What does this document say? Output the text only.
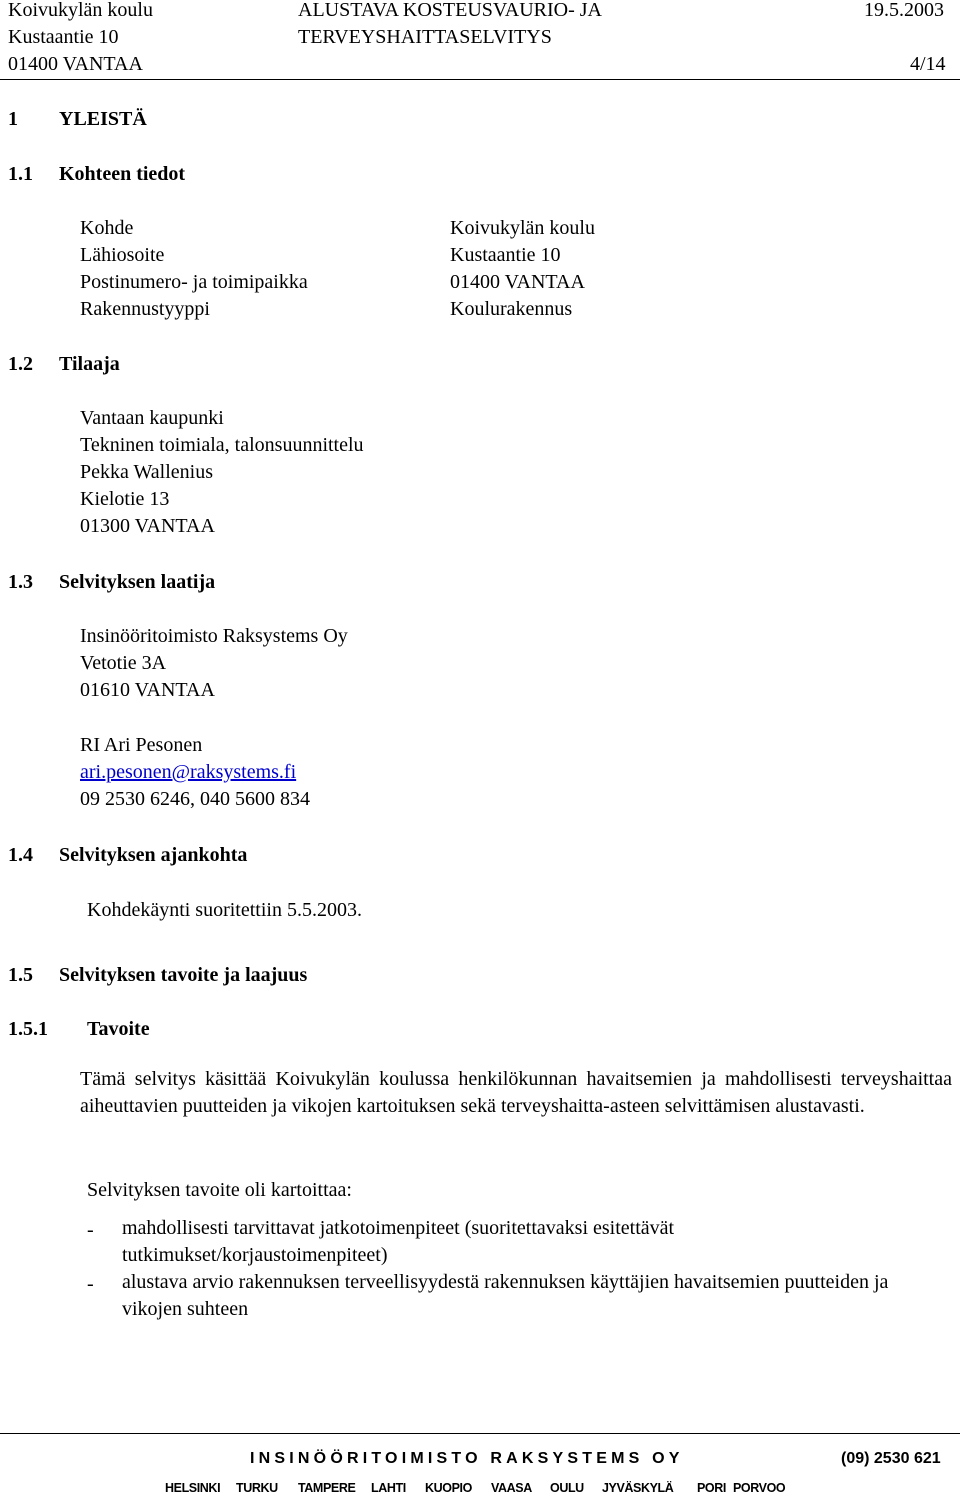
Koivukylän koulu
Kustaantie 10
01400 VANTAA
ALUSTAVA KOSTEUSVAURIO- JA
TERVEYSHAITTASELVITYS
19.5.2003
4/14
1 YLEISTÄ
1.1 Kohteen tiedot
Kohde	Koivukylän koulu
Lähiosoite	Kustaantie 10
Postinumero- ja toimipaikka	01400 VANTAA
Rakennustyyppi	Koulurakennus
1.2 Tilaaja
Vantaan kaupunki
Tekninen toimiala, talonsuunnittelu
Pekka Wallenius
Kielotie 13
01300 VANTAA
1.3 Selvityksen laatija
Insinööritoimisto Raksystems Oy
Vetotie 3A
01610 VANTAA
RI Ari Pesonen
ari.pesonen@raksystems.fi
09 2530 6246, 040 5600 834
1.4 Selvityksen ajankohta
Kohdekäynti suoritettiin 5.5.2003.
1.5 Selvityksen tavoite ja laajuus
1.5.1 Tavoite
Tämä selvitys käsittää Koivukylän koulussa henkilökunnan havaitsemien ja mahdollisesti terveyshaittaa aiheuttavien puutteiden ja vikojen kartoituksen sekä terveyshaitta-asteen selvittämisen alustavasti.
Selvityksen tavoite oli kartoittaa:
- mahdollisesti tarvittavat jatkotoimenpiteet (suoritettavaksi esitettävät tutkimukset/korjaustoimenpiteet)
- alustava arvio rakennuksen terveellisyydestä rakennuksen käyttäjien havaitsemien puutteiden ja vikojen suhteen
INSINÖÖRITOIMISTO RAKSYSTEMS OY	(09) 2530 621
HELSINKI TURKU TAMPERE LAHTI KUOPIO VAASA OULU JYVÄSKYLÄ PORI PORVOO
